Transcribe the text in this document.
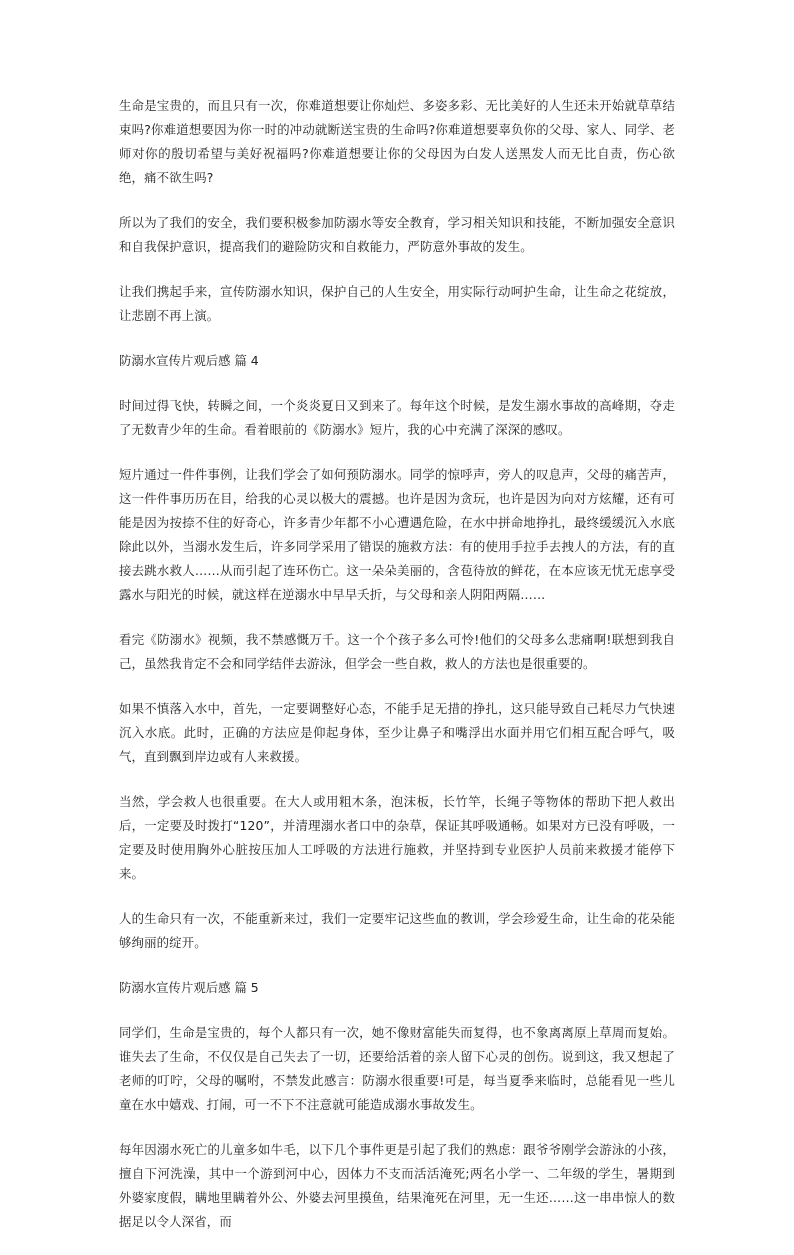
生命是宝贵的，而且只有一次，你难道想要让你灿烂、多姿多彩、无比美好的人生还未开始就草草结束吗?你难道想要因为你一时的冲动就断送宝贵的生命吗?你难道想要辜负你的父母、家人、同学、老师对你的殷切希望与美好祝福吗?你难道想要让你的父母因为白发人送黑发人而无比自责，伤心欲绝，痛不欲生吗?

所以为了我们的安全，我们要积极参加防溺水等安全教育，学习相关知识和技能，不断加强安全意识和自我保护意识，提高我们的避险防灾和自救能力，严防意外事故的发生。

让我们携起手来，宣传防溺水知识，保护自己的人生安全，用实际行动呵护生命，让生命之花绽放，让悲剧不再上演。

防溺水宣传片观后感 篇 4

时间过得飞快，转瞬之间，一个炎炎夏日又到来了。每年这个时候，是发生溺水事故的高峰期，夺走了无数青少年的生命。看着眼前的《防溺水》短片，我的心中充满了深深的感叹。

短片通过一件件事例，让我们学会了如何预防溺水。同学的惊呼声，旁人的叹息声，父母的痛苦声，这一件件事历历在目，给我的心灵以极大的震撼。也许是因为贪玩，也许是因为向对方炫耀，还有可能是因为按捺不住的好奇心，许多青少年都不小心遭遇危险，在水中拼命地挣扎，最终缓缓沉入水底除此以外，当溺水发生后，许多同学采用了错误的施救方法：有的使用手拉手去拽人的方法，有的直接去跳水救人……从而引起了连环伤亡。这一朵朵美丽的，含苞待放的鲜花，在本应该无忧无虑享受露水与阳光的时候，就这样在逆溺水中早早夭折，与父母和亲人阴阳两隔……

看完《防溺水》视频，我不禁感慨万千。这一个个孩子多么可怜!他们的父母多么悲痛啊!联想到我自己，虽然我肯定不会和同学结伴去游泳，但学会一些自救，救人的方法也是很重要的。

如果不慎落入水中，首先，一定要调整好心态，不能手足无措的挣扎，这只能导致自己耗尽力气快速沉入水底。此时，正确的方法应是仰起身体，至少让鼻子和嘴浮出水面并用它们相互配合呼气，吸气，直到飘到岸边或有人来救援。

当然，学会救人也很重要。在大人或用粗木条，泡沫板，长竹竿，长绳子等物体的帮助下把人救出后，一定要及时拨打“120”，并清理溺水者口中的杂草，保证其呼吸通畅。如果对方已没有呼吸，一定要及时使用胸外心脏按压加人工呼吸的方法进行施救，并坚持到专业医护人员前来救援才能停下来。

人的生命只有一次，不能重新来过，我们一定要牢记这些血的教训，学会珍爱生命，让生命的花朵能够绚丽的绽开。

防溺水宣传片观后感 篇 5

同学们，生命是宝贵的，每个人都只有一次，她不像财富能失而复得，也不象离离原上草周而复始。谁失去了生命，不仅仅是自己失去了一切，还要给活着的亲人留下心灵的创伤。说到这，我又想起了老师的叮咛，父母的嘱咐，不禁发此感言：防溺水很重要!可是，每当夏季来临时，总能看见一些儿童在水中嬉戏、打闹，可一不下不注意就可能造成溺水事故发生。

每年因溺水死亡的儿童多如牛毛，以下几个事件更是引起了我们的熟虑：跟爷爷刚学会游泳的小孩，擅自下河洗澡，其中一个游到河中心，因体力不支而活活淹死;两名小学一、二年级的学生，暑期到外婆家度假，瞒地里瞒着外公、外婆去河里摸鱼，结果淹死在河里，无一生还……这一串串惊人的数据足以令人深省，而
